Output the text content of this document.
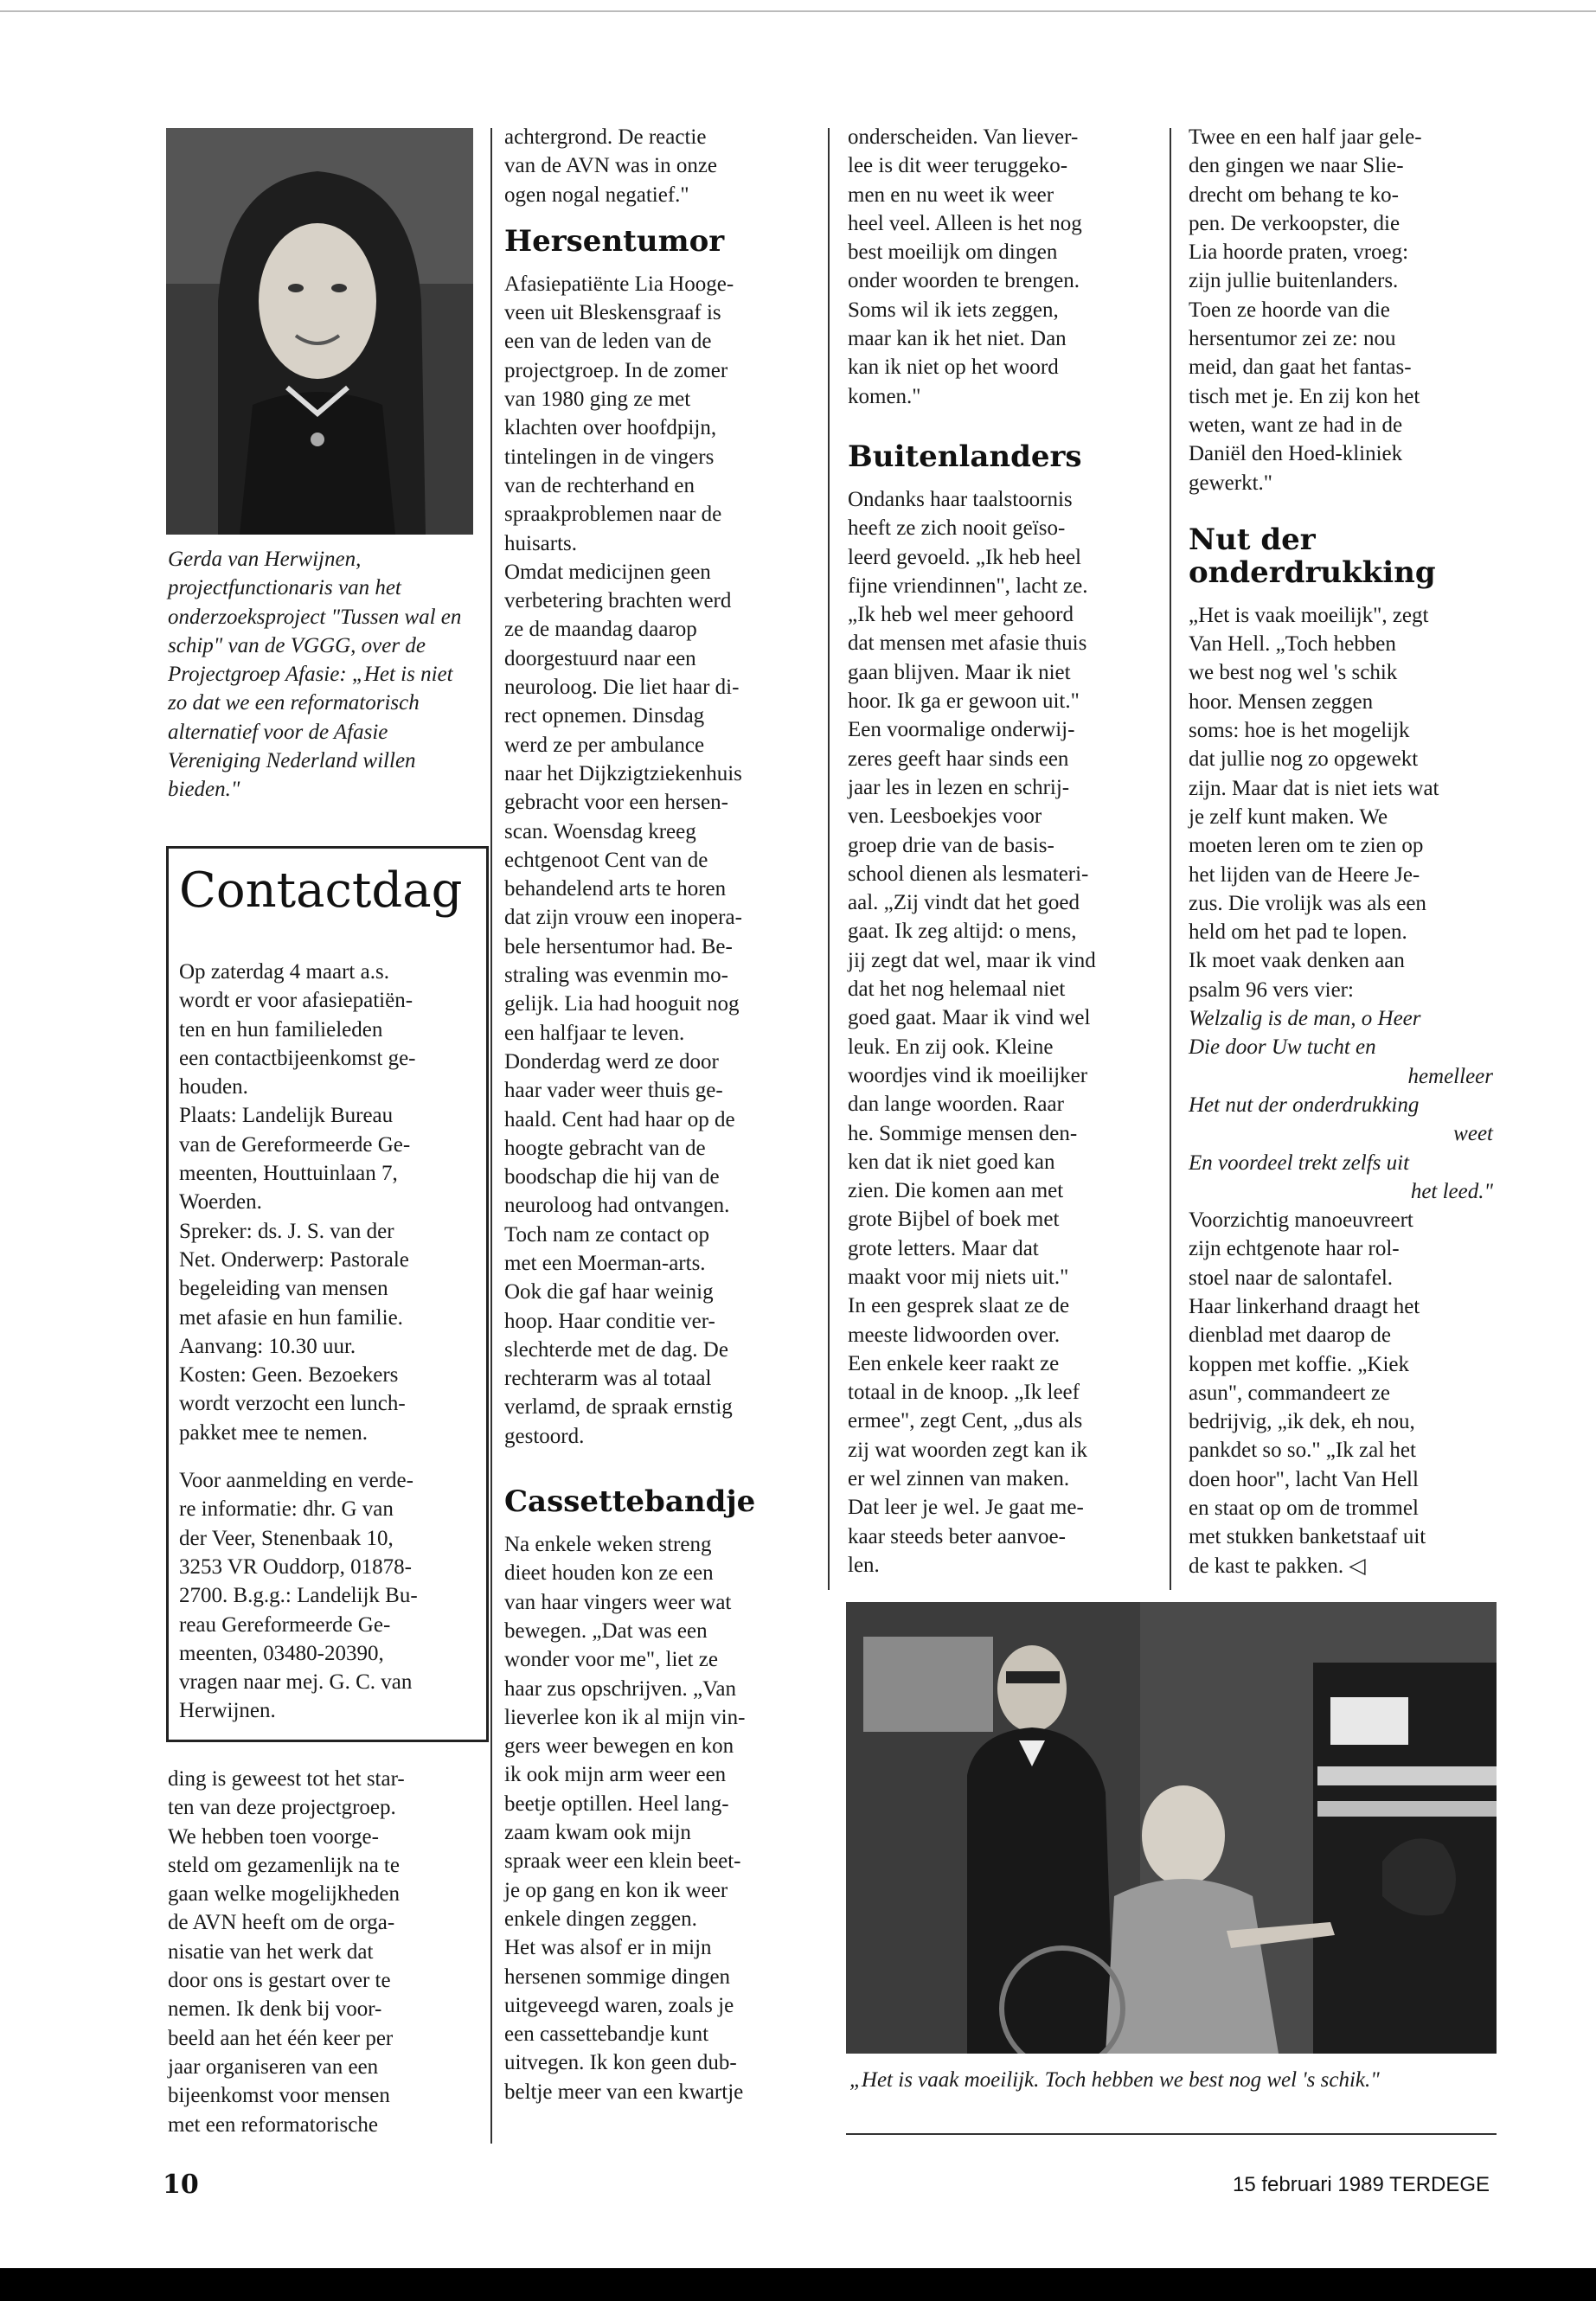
Gerda van Herwijnen, projectfunctionaris van het onderzoeksproject "Tussen wal en schip" van de VGGG, over de Projectgroep Afasie: „Het is niet zo dat we een reformatorisch alternatief voor de Afasie Vereniging Nederland willen bieden."
Contactdag

Op zaterdag 4 maart a.s.

wordt er voor afasiepatiën-

ten en hun familieleden

een contactbijeenkomst ge-

houden.

Plaats: Landelijk Bureau

van de Gereformeerde Ge-

meenten, Houttuinlaan 7,

Woerden.

Spreker: ds. J. S. van der

Net. Onderwerp: Pastorale

begeleiding van mensen

met afasie en hun familie.

Aanvang: 10.30 uur.

Kosten: Geen. Bezoekers

wordt verzocht een lunch-

pakket mee te nemen.

Voor aanmelding en verde-

re informatie: dhr. G van

der Veer, Stenenbaak 10,

3253 VR Ouddorp, 01878-

2700. B.g.g.: Landelijk Bu-

reau Gereformeerde Ge-

meenten, 03480-20390,

vragen naar mej. G. C. van

Herwijnen.

ding is geweest tot het star-

ten van deze projectgroep.

We hebben toen voorge-

steld om gezamenlijk na te

gaan welke mogelijkheden

de AVN heeft om de orga-

nisatie van het werk dat

door ons is gestart over te

nemen. Ik denk bij voor-

beeld aan het één keer per

jaar organiseren van een

bijeenkomst voor mensen

met een reformatorische

achtergrond. De reactie

van de AVN was in onze

ogen nogal negatief."

Hersentumor

Afasiepatiënte Lia Hooge-

veen uit Bleskensgraaf is

een van de leden van de

projectgroep. In de zomer

van 1980 ging ze met

klachten over hoofdpijn,

tintelingen in de vingers

van de rechterhand en

spraakproblemen naar de

huisarts.

Omdat medicijnen geen

verbetering brachten werd

ze de maandag daarop

doorgestuurd naar een

neuroloog. Die liet haar di-

rect opnemen. Dinsdag

werd ze per ambulance

naar het Dijkzigtziekenhuis

gebracht voor een hersen-

scan. Woensdag kreeg

echtgenoot Cent van de

behandelend arts te horen

dat zijn vrouw een inopera-

bele hersentumor had. Be-

straling was evenmin mo-

gelijk. Lia had hooguit nog

een halfjaar te leven.

Donderdag werd ze door

haar vader weer thuis ge-

haald. Cent had haar op de

hoogte gebracht van de

boodschap die hij van de

neuroloog had ontvangen.

Toch nam ze contact op

met een Moerman-arts.

Ook die gaf haar weinig

hoop. Haar conditie ver-

slechterde met de dag. De

rechterarm was al totaal

verlamd, de spraak ernstig

gestoord.

Cassettebandje

Na enkele weken streng

dieet houden kon ze een

van haar vingers weer wat

bewegen. „Dat was een

wonder voor me", liet ze

haar zus opschrijven. „Van

lieverlee kon ik al mijn vin-

gers weer bewegen en kon

ik ook mijn arm weer een

beetje optillen. Heel lang-

zaam kwam ook mijn

spraak weer een klein beet-

je op gang en kon ik weer

enkele dingen zeggen.

Het was alsof er in mijn

hersenen sommige dingen

uitgeveegd waren, zoals je

een cassettebandje kunt

uitvegen. Ik kon geen dub-

beltje meer van een kwartje

onderscheiden. Van liever-

lee is dit weer teruggeko-

men en nu weet ik weer

heel veel. Alleen is het nog

best moeilijk om dingen

onder woorden te brengen.

Soms wil ik iets zeggen,

maar kan ik het niet. Dan

kan ik niet op het woord

komen."

Buitenlanders

Ondanks haar taalstoornis

heeft ze zich nooit geïso-

leerd gevoeld. „Ik heb heel

fijne vriendinnen", lacht ze.

„Ik heb wel meer gehoord

dat mensen met afasie thuis

gaan blijven. Maar ik niet

hoor. Ik ga er gewoon uit."

Een voormalige onderwij-

zeres geeft haar sinds een

jaar les in lezen en schrij-

ven. Leesboekjes voor

groep drie van de basis-

school dienen als lesmateri-

aal. „Zij vindt dat het goed

gaat. Ik zeg altijd: o mens,

jij zegt dat wel, maar ik vind

dat het nog helemaal niet

goed gaat. Maar ik vind wel

leuk. En zij ook. Kleine

woordjes vind ik moeilijker

dan lange woorden. Raar

he. Sommige mensen den-

ken dat ik niet goed kan

zien. Die komen aan met

grote Bijbel of boek met

grote letters. Maar dat

maakt voor mij niets uit."

In een gesprek slaat ze de

meeste lidwoorden over.

Een enkele keer raakt ze

totaal in de knoop. „Ik leef

ermee", zegt Cent, „dus als

zij wat woorden zegt kan ik

er wel zinnen van maken.

Dat leer je wel. Je gaat me-

kaar steeds beter aanvoe-

len.

Twee en een half jaar gele-

den gingen we naar Slie-

drecht om behang te ko-

pen. De verkoopster, die

Lia hoorde praten, vroeg:

zijn jullie buitenlanders.

Toen ze hoorde van die

hersentumor zei ze: nou

meid, dan gaat het fantas-

tisch met je. En zij kon het

weten, want ze had in de

Daniël den Hoed-kliniek

gewerkt."

Nut der onderdrukking

„Het is vaak moeilijk", zegt

Van Hell. „Toch hebben

we best nog wel 's schik

hoor. Mensen zeggen

soms: hoe is het mogelijk

dat jullie nog zo opgewekt

zijn. Maar dat is niet iets wat

je zelf kunt maken. We

moeten leren om te zien op

het lijden van de Heere Je-

zus. Die vrolijk was als een

held om het pad te lopen.

Ik moet vaak denken aan

psalm 96 vers vier:

Welzalig is de man, o Heer

Die door Uw tucht en

hemelleer

Het nut der onderdrukking

weet

En voordeel trekt zelfs uit

het leed."

Voorzichtig manoeuvreert

zijn echtgenote haar rol-

stoel naar de salontafel.

Haar linkerhand draagt het

dienblad met daarop de

koppen met koffie. „Kiek

asun", commandeert ze

bedrijvig, „ik dek, eh nou,

pankdet so so." „Ik zal het

doen hoor", lacht Van Hell

en staat op om de trommel

met stukken banketstaaf uit

de kast te pakken. ◁

„Het is vaak moeilijk. Toch hebben we best nog wel 's schik."
10	15 februari 1989 TERDEGE
